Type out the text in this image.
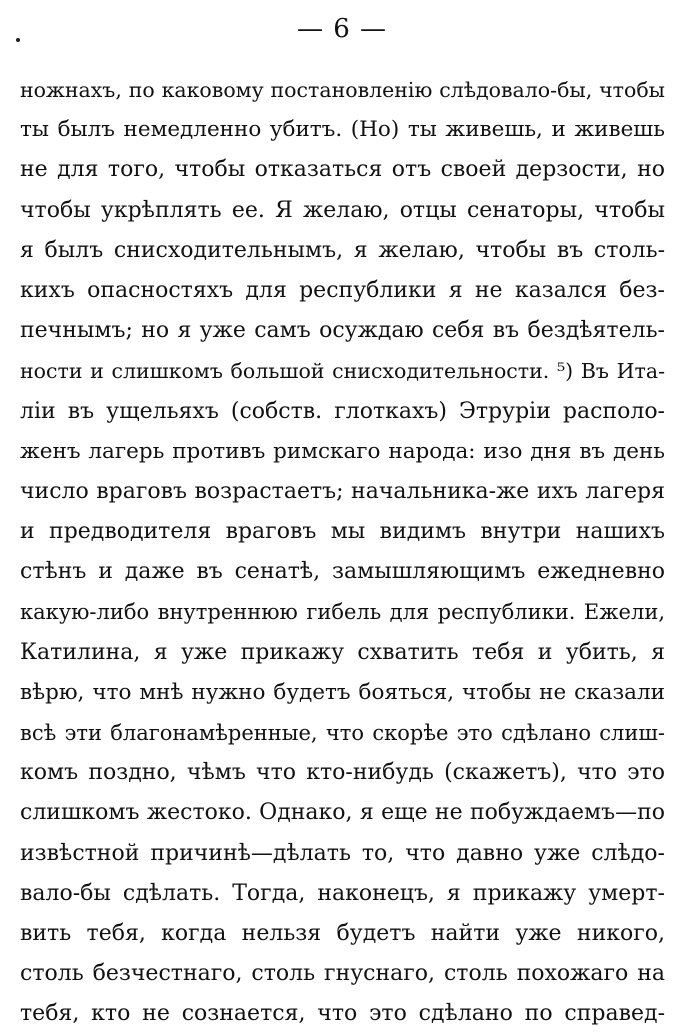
— 6 —
ножнахъ, по каковому постановленію слѣдовало-бы, чтобы
ты былъ немедленно убитъ. (Но) ты живешь, и живешь
не для того, чтобы отказаться отъ своей дерзости, но
чтобы укрѣплять ее. Я желаю, отцы сенаторы, чтобы
я былъ снисходительнымъ, я желаю, чтобы въ столь-
кихъ опасностяхъ для республики я не казался без-
печнымъ; но я уже самъ осуждаю себя въ бездѣятель-
ности и слишкомъ большой снисходительности. ⁵) Въ Ита-
ліи въ ущельяхъ (собств. глоткахъ) Этруріи располо-
женъ лагерь противъ римскаго народа: изо дня въ день
число враговъ возрастаетъ; начальника-же ихъ лагеря
и предводителя враговъ мы видимъ внутри нашихъ
стѣнъ и даже въ сенатѣ, замышляющимъ ежедневно
какую-либо внутреннюю гибель для республики. Ежели,
Катилина, я уже прикажу схватить тебя и убить, я
вѣрю, что мнѣ нужно будетъ бояться, чтобы не сказали
всѣ эти благонамѣренные, что скорѣе это сдѣлано слиш-
комъ поздно, чѣмъ что кто-нибудь (скажетъ), что это
слишкомъ жестоко. Однако, я еще не побуждаемъ—по
извѣстной причинѣ—дѣлать то, что давно уже слѣдо-
вало-бы сдѣлать. Тогда, наконецъ, я прикажу умерт-
вить тебя, когда нельзя будетъ найти уже никого,
столь безчестнаго, столь гнуснаго, столь похожаго на
тебя, кто не сознается, что это сдѣлано по справед-
